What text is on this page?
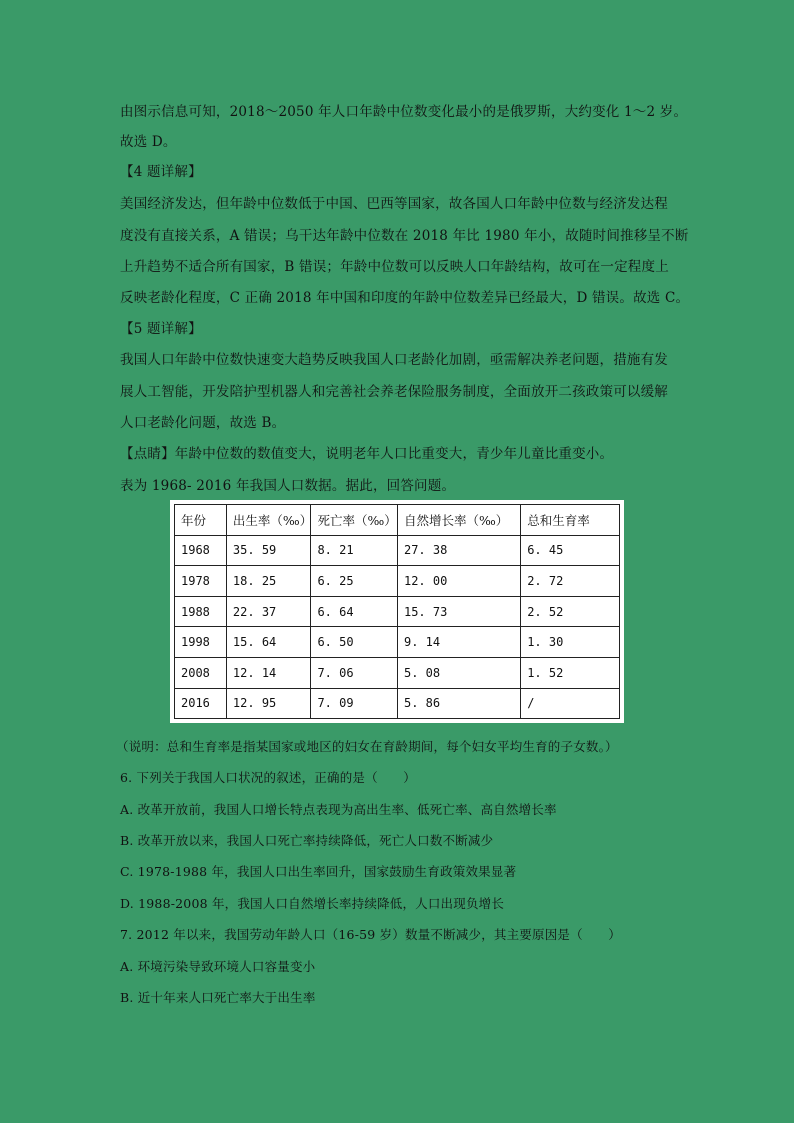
由图示信息可知，2018～2050 年人口年龄中位数变化最小的是俄罗斯，大约变化 1～2 岁。
故选 D。
【4 题详解】
美国经济发达，但年龄中位数低于中国、巴西等国家，故各国人口年龄中位数与经济发达程
度没有直接关系，A 错误；乌干达年龄中位数在 2018 年比 1980 年小，故随时间推移呈不断
上升趋势不适合所有国家，B 错误；年龄中位数可以反映人口年龄结构，故可在一定程度上
反映老龄化程度，C 正确 2018 年中国和印度的年龄中位数差异已经最大，D 错误。故选 C。
【5 题详解】
我国人口年龄中位数快速变大趋势反映我国人口老龄化加剧，亟需解决养老问题，措施有发
展人工智能，开发陪护型机器人和完善社会养老保险服务制度，全面放开二孩政策可以缓解
人口老龄化问题，故选 B。
【点睛】年龄中位数的数值变大，说明老年人口比重变大，青少年儿童比重变小。
表为 1968- 2016 年我国人口数据。据此，回答问题。
年份	出生率（‰）	死亡率（‰）	自然增长率（‰）	总和生育率
1968	35. 59	8. 21	27. 38	6. 45
1978	18. 25	6. 25	12. 00	2. 72
1988	22. 37	6. 64	15. 73	2. 52
1998	15. 64	6. 50	9. 14	1. 30
2008	12. 14	7. 06	5. 08	1. 52
2016	12. 95	7. 09	5. 86	/
（说明：总和生育率是指某国家或地区的妇女在育龄期间，每个妇女平均生育的子女数。）
6. 下列关于我国人口状况的叙述，正确的是（　　）
A. 改革开放前，我国人口增长特点表现为高出生率、低死亡率、高自然增长率
B. 改革开放以来，我国人口死亡率持续降低，死亡人口数不断减少
C. 1978-1988 年，我国人口出生率回升，国家鼓励生育政策效果显著
D. 1988-2008 年，我国人口自然增长率持续降低，人口出现负增长
7. 2012 年以来，我国劳动年龄人口（16-59 岁）数量不断减少，其主要原因是（　　）
A. 环境污染导致环境人口容量变小
B. 近十年来人口死亡率大于出生率
